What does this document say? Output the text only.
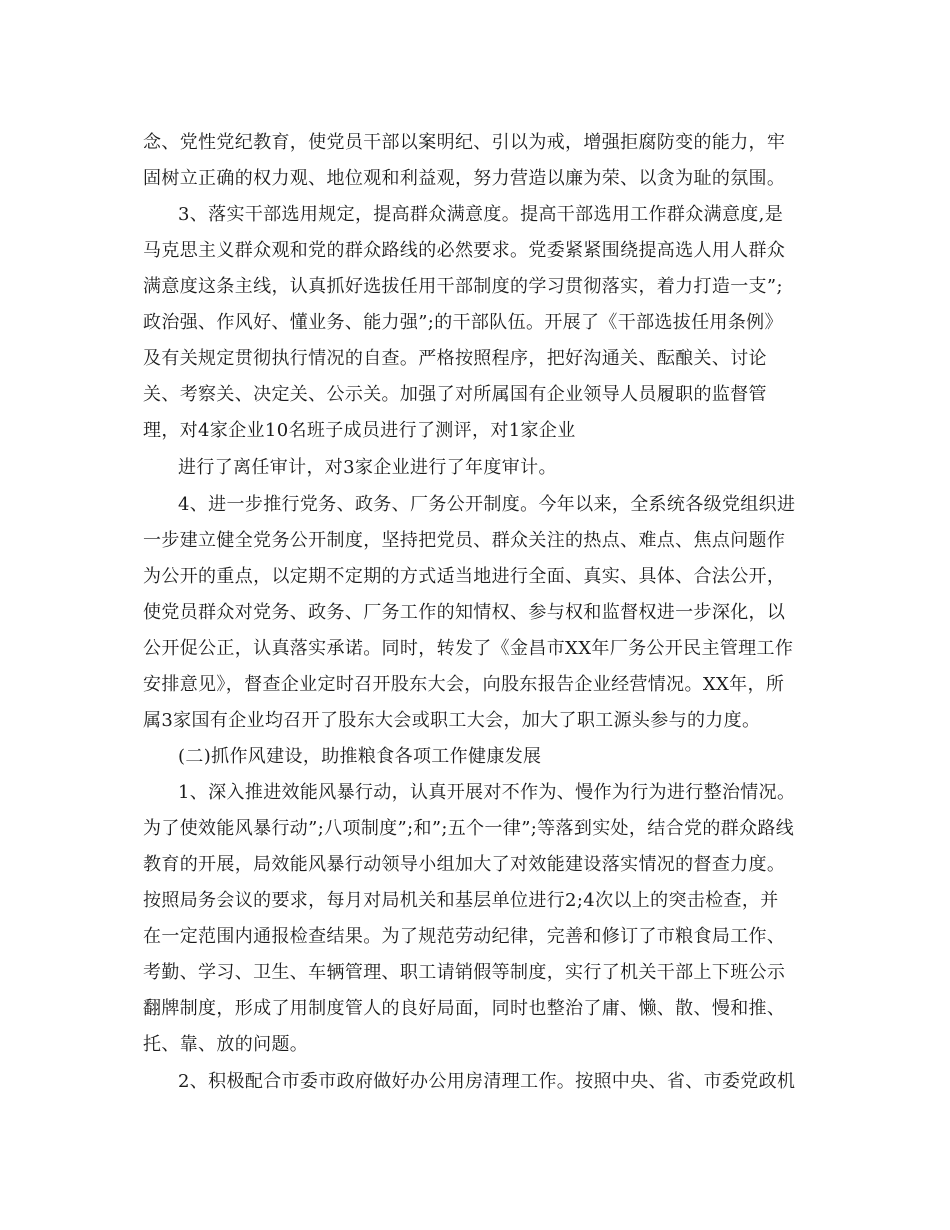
念、党性党纪教育，使党员干部以案明纪、引以为戒，增强拒腐防变的能力，牢
固树立正确的权力观、地位观和利益观，努力营造以廉为荣、以贪为耻的氛围。
3、落实干部选用规定，提高群众满意度。提高干部选用工作群众满意度,是
马克思主义群众观和党的群众路线的必然要求。党委紧紧围绕提高选人用人群众
满意度这条主线，认真抓好选拔任用干部制度的学习贯彻落实，着力打造一支”;
政治强、作风好、懂业务、能力强”;的干部队伍。开展了《干部选拔任用条例》
及有关规定贯彻执行情况的自查。严格按照程序，把好沟通关、酝酿关、讨论
关、考察关、决定关、公示关。加强了对所属国有企业领导人员履职的监督管
理，对4家企业10名班子成员进行了测评，对1家企业
进行了离任审计，对3家企业进行了年度审计。
4、进一步推行党务、政务、厂务公开制度。今年以来，全系统各级党组织进
一步建立健全党务公开制度，坚持把党员、群众关注的热点、难点、焦点问题作
为公开的重点，以定期不定期的方式适当地进行全面、真实、具体、合法公开，
使党员群众对党务、政务、厂务工作的知情权、参与权和监督权进一步深化，以
公开促公正，认真落实承诺。同时，转发了《金昌市XX年厂务公开民主管理工作
安排意见》，督查企业定时召开股东大会，向股东报告企业经营情况。XX年，所
属3家国有企业均召开了股东大会或职工大会，加大了职工源头参与的力度。
(二)抓作风建设，助推粮食各项工作健康发展
1、深入推进效能风暴行动，认真开展对不作为、慢作为行为进行整治情况。
为了使效能风暴行动”;八项制度”;和”;五个一律”;等落到实处，结合党的群众路线
教育的开展，局效能风暴行动领导小组加大了对效能建设落实情况的督查力度。
按照局务会议的要求，每月对局机关和基层单位进行2;4次以上的突击检查，并
在一定范围内通报检查结果。为了规范劳动纪律，完善和修订了市粮食局工作、
考勤、学习、卫生、车辆管理、职工请销假等制度，实行了机关干部上下班公示
翻牌制度，形成了用制度管人的良好局面，同时也整治了庸、懒、散、慢和推、
托、靠、放的问题。
2、积极配合市委市政府做好办公用房清理工作。按照中央、省、市委党政机
